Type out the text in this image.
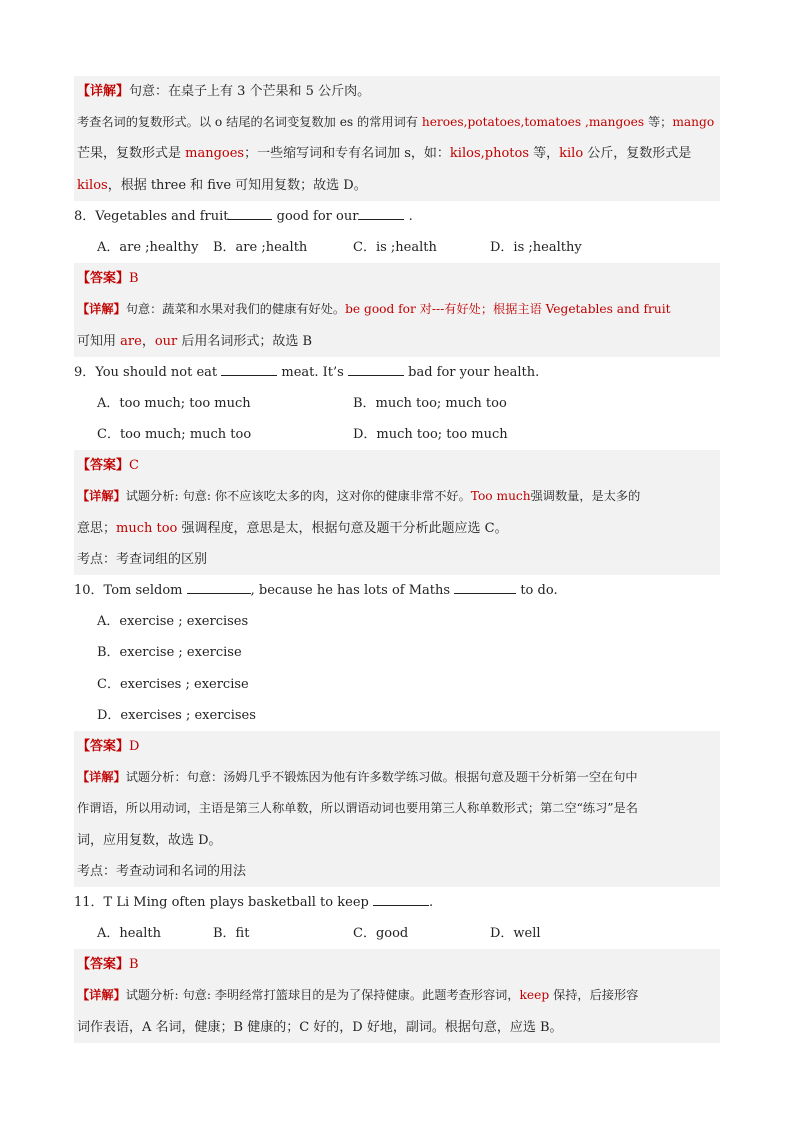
【详解】句意：在桌子上有 3 个芒果和 5 公斤肉。
考查名词的复数形式。以 o 结尾的名词变复数加 es 的常用词有 heroes,potatoes,tomatoes ,mangoes 等；mango
芒果，复数形式是 mangoes；一些缩写词和专有名词加 s，如：kilos,photos 等，kilo 公斤，复数形式是
kilos，根据 three 和 five 可知用复数；故选 D。
8．Vegetables and fruit	good for our	.
A．are ;healthy B．are ;health	C．is ;health	D．is ;healthy
【答案】B
【详解】句意：蔬菜和水果对我们的健康有好处。be good for 对---有好处；根据主语 Vegetables and fruit
可知用 are，our 后用名词形式；故选 B
9．You should not eat	meat. It’s	bad for your health.
A．too much; too much	B．much too; much too
C．too much; much too	D．much too; too much
【答案】C
【详解】试题分析: 句意: 你不应该吃太多的肉，这对你的健康非常不好。Too much强调数量，是太多的
意思；much too 强调程度，意思是太，根据句意及题干分析此题应选 C。
考点：考查词组的区别
10．Tom seldom	, because he has lots of Maths	to do.
A．exercise ; exercises
B．exercise ; exercise
C．exercises ; exercise
D．exercises ; exercises
【答案】D
【详解】试题分析：句意：汤姆几乎不锻炼因为他有许多数学练习做。根据句意及题干分析第一空在句中
作谓语，所以用动词，主语是第三人称单数，所以谓语动词也要用第三人称单数形式；第二空“练习”是名
词，应用复数，故选 D。
考点：考查动词和名词的用法
11．T Li Ming often plays basketball to keep	.
A．health	B．fit	C．good	D．well
【答案】B
【详解】试题分析: 句意: 李明经常打篮球目的是为了保持健康。此题考查形容词，keep 保持，后接形容
词作表语，A 名词，健康；B 健康的；C 好的，D 好地，副词。根据句意，应选 B。
